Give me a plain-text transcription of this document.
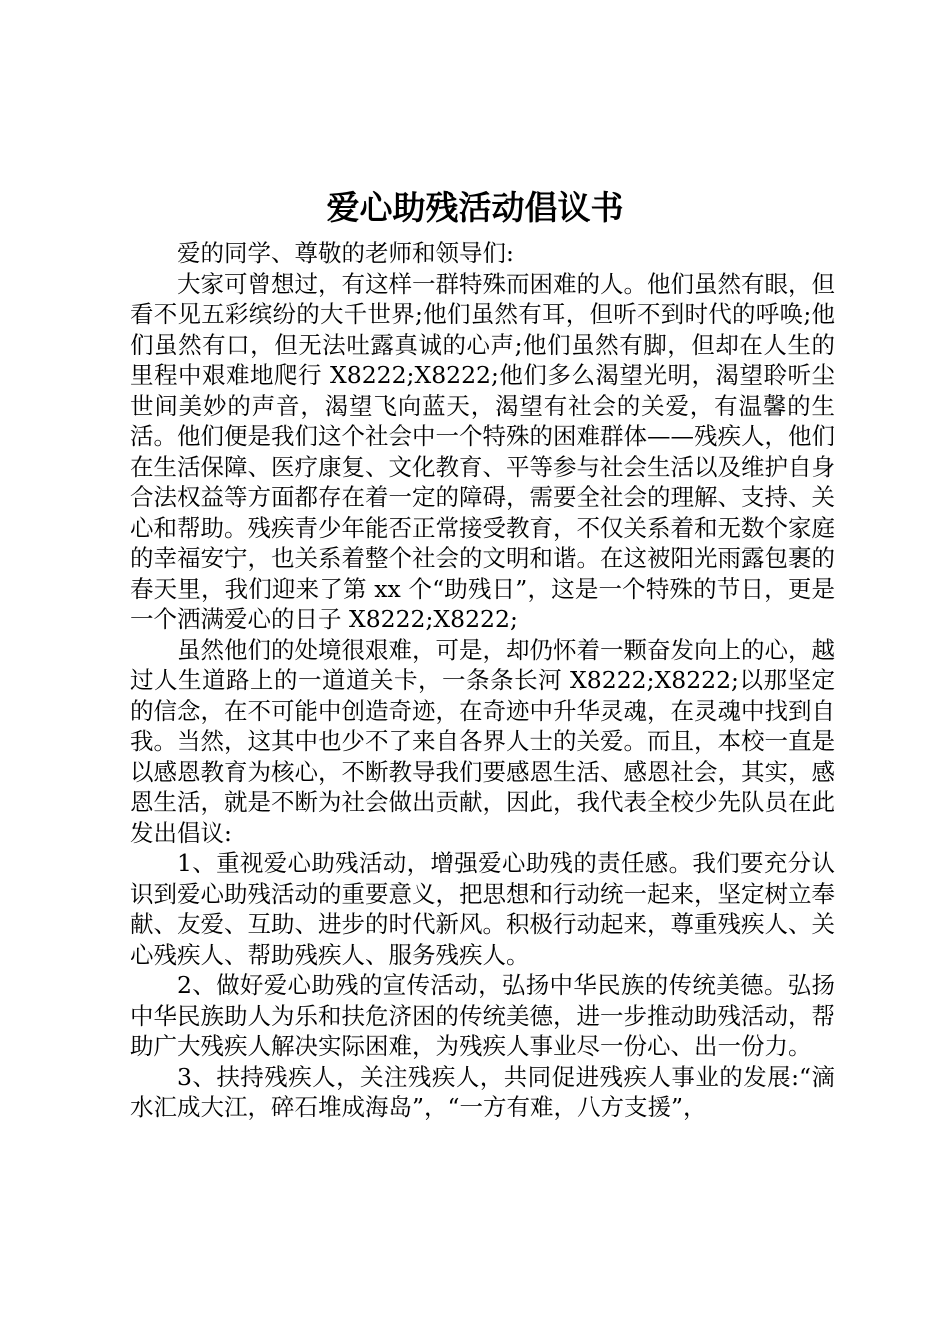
爱心助残活动倡议书

爱的同学、尊敬的老师和领导们:

大家可曾想过，有这样一群特殊而困难的人。他们虽然有眼，但看不见五彩缤纷的大千世界;他们虽然有耳，但听不到时代的呼唤;他们虽然有口，但无法吐露真诚的心声;他们虽然有脚，但却在人生的里程中艰难地爬行 X8222;X8222;他们多么渴望光明，渴望聆听尘世间美妙的声音，渴望飞向蓝天，渴望有社会的关爱，有温馨的生活。他们便是我们这个社会中一个特殊的困难群体——残疾人，他们在生活保障、医疗康复、文化教育、平等参与社会生活以及维护自身合法权益等方面都存在着一定的障碍，需要全社会的理解、支持、关心和帮助。残疾青少年能否正常接受教育，不仅关系着和无数个家庭的幸福安宁，也关系着整个社会的文明和谐。在这被阳光雨露包裹的春天里，我们迎来了第 xx 个“助残日”，这是一个特殊的节日，更是一个洒满爱心的日子 X8222;X8222;

虽然他们的处境很艰难，可是，却仍怀着一颗奋发向上的心，越过人生道路上的一道道关卡，一条条长河 X8222;X8222;以那坚定的信念，在不可能中创造奇迹，在奇迹中升华灵魂，在灵魂中找到自我。当然，这其中也少不了来自各界人士的关爱。而且，本校一直是以感恩教育为核心，不断教导我们要感恩生活、感恩社会，其实，感恩生活，就是不断为社会做出贡献，因此，我代表全校少先队员在此发出倡议:

1、重视爱心助残活动，增强爱心助残的责任感。我们要充分认识到爱心助残活动的重要意义，把思想和行动统一起来，坚定树立奉献、友爱、互助、进步的时代新风。积极行动起来，尊重残疾人、关心残疾人、帮助残疾人、服务残疾人。

2、做好爱心助残的宣传活动，弘扬中华民族的传统美德。弘扬中华民族助人为乐和扶危济困的传统美德，进一步推动助残活动，帮助广大残疾人解决实际困难，为残疾人事业尽一份心、出一份力。

3、扶持残疾人，关注残疾人，共同促进残疾人事业的发展:“滴水汇成大江，碎石堆成海岛”，“一方有难，八方支援”，
